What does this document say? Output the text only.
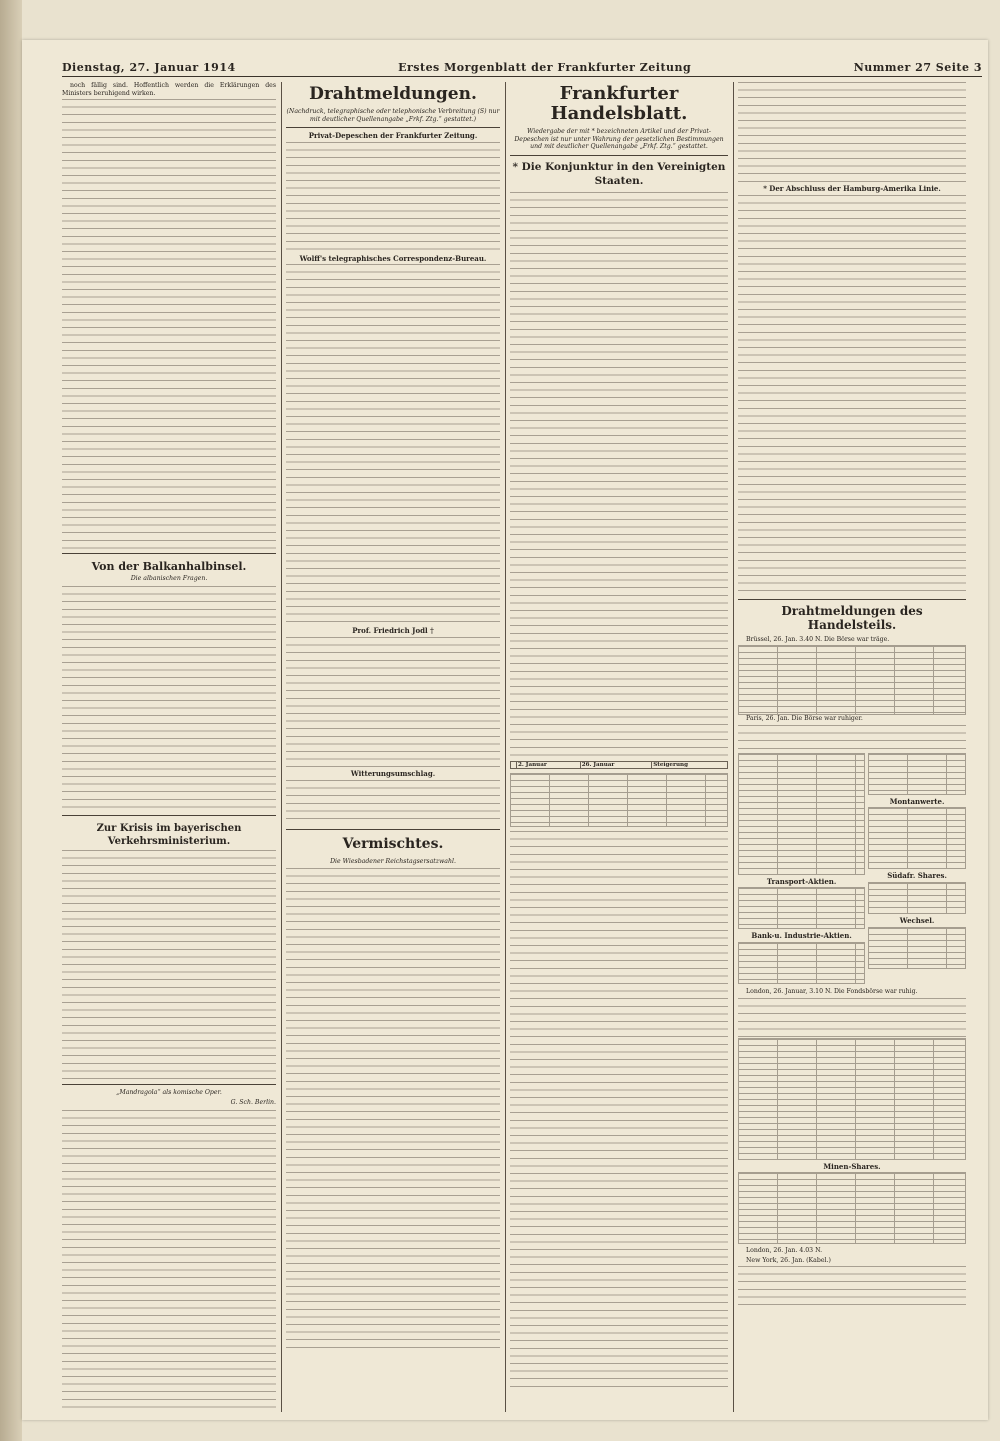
Dienstag, 27. Januar 1914	Erstes Morgenblatt der Frankfurter Zeitung	Nummer 27 Seite 3

noch fällig sind. Hoffentlich werden die Erklärungen des Ministers beruhigend wirken.

Von der Balkanhalbinsel.
Die albanischen Fragen.
Zur Krisis im bayerischen Verkehrsministerium.
„Mandragola“ als komische Oper.
G. Sch. Berlin.
Drahtmeldungen.
(Nachdruck, telegraphische oder telephonische Verbreitung (S) nur mit deutlicher Quellenangabe „Frkf. Ztg.“ gestattet.)
Privat-Depeschen der Frankfurter Zeitung.
Wolff's telegraphisches Correspondenz-Bureau.
Prof. Friedrich Jodl †
Witterungsumschlag.
Vermischtes.
Die Wiesbadener Reichstagsersatzwahl.
Frankfurter Handelsblatt.
Wiedergabe der mit * bezeichneten Artikel und der Privat-Depeschen ist nur unter Wahrung der gesetzlichen Bestimmungen und mit deutlicher Quellenangabe „Frkf. Ztg.“ gestattet.
* Die Konjunktur in den Vereinigten Staaten.
	2. Januar	26. Januar	Steigerung
* Der Abschluss der Hamburg-Amerika Linie.
Drahtmeldungen des Handelsteils.

Brüssel, 26. Jan. 3.40 N. Die Börse war träge.

Paris, 26. Jan. Die Börse war ruhiger.

Transport-Aktien.
Bank-u. Industrie-Aktien.
Montanwerte.
Südafr. Shares.
Wechsel.

London, 26. Januar, 3.10 N. Die Fondsbörse war ruhig.

Minen-Shares.

London, 26. Jan. 4.03 N.

New York, 26. Jan. (Kabel.)
